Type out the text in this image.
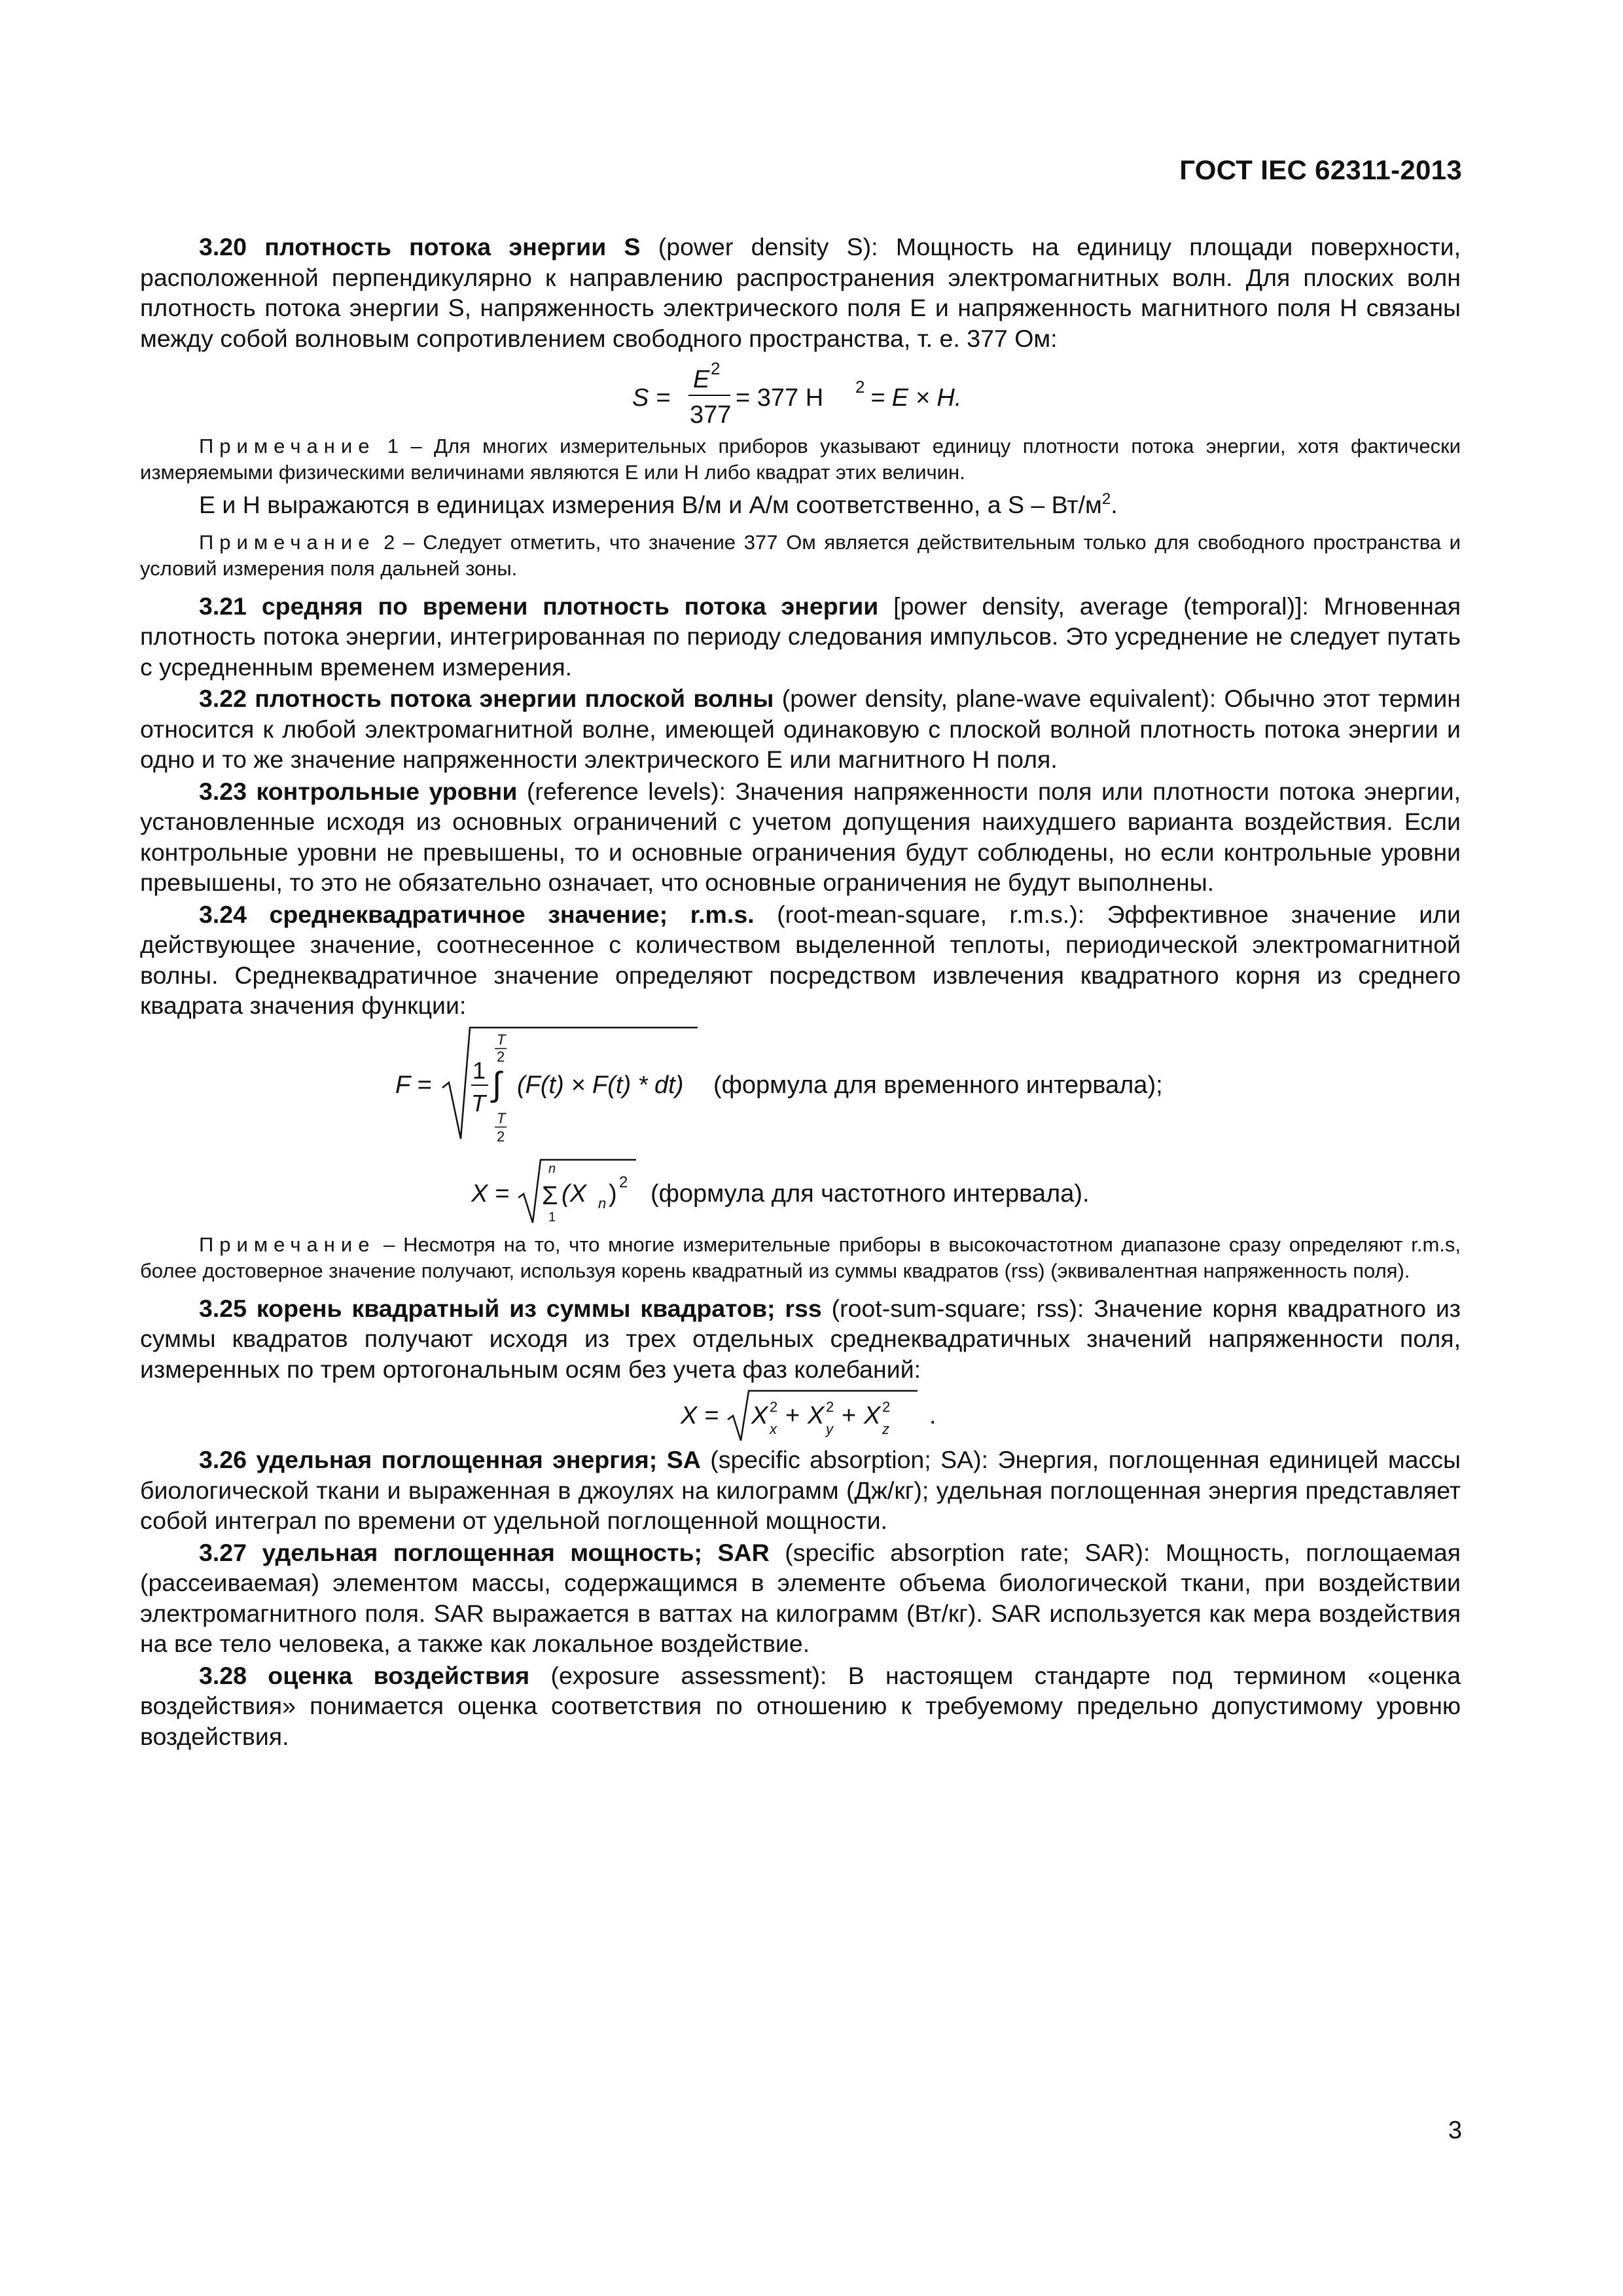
ГОСТ IEC 62311-2013

3.20 плотность потока энергии S (power density S): Мощность на единицу площади поверхности, расположенной перпендикулярно к направлению распространения электромагнитных волн. Для плоских волн плотность потока энергии S, напряженность электрического поля E и напряженность магнитного поля H связаны между собой волновым сопротивлением свободного пространства, т. е. 377 Ом:

S =
E 2
377
= 377 H 2 = E × H.

Примечание 1 – Для многих измерительных приборов указывают единицу плотности потока энергии, хотя фактически измеряемыми физическими величинами являются E или H либо квадрат этих величин.

E и H выражаются в единицах измерения В/м и А/м соответственно, а S – $Вт/м^2$.

Примечание 2 – Следует отметить, что значение 377 Ом является действительным только для свободного пространства и условий измерения поля дальней зоны.

3.21 средняя по времени плотность потока энергии [power density, average (temporal)]: Мгновенная плотность потока энергии, интегрированная по периоду следования импульсов. Это усреднение не следует путать с усредненным временем измерения.

3.22 плотность потока энергии плоской волны (power density, plane-wave equivalent): Обычно этот термин относится к любой электромагнитной волне, имеющей одинаковую с плоской волной плотность потока энергии и одно и то же значение напряженности электрического E или магнитного H поля.

3.23 контрольные уровни (reference levels): Значения напряженности поля или плотности потока энергии, установленные исходя из основных ограничений с учетом допущения наихудшего варианта воздействия. Если контрольные уровни не превышены, то и основные ограничения будут соблюдены, но если контрольные уровни превышены, то это не обязательно означает, что основные ограничения не будут выполнены.

3.24 среднеквадратичное значение; r.m.s. (root-mean-square, r.m.s.): Эффективное значение или действующее значение, соотнесенное с количеством выделенной теплоты, периодической электромагнитной волны. Среднеквадратичное значение определяют посредством извлечения квадратного корня из среднего квадрата значения функции:

F =
1
T
T
2
∫
T
2
(F(t) × F(t) * dt) (формула для временного интервала);
X =
n
Σ
1
(X n ) 2 (формула для частотного интервала).

Примечание – Несмотря на то, что многие измерительные приборы в высокочастотном диапазоне сразу определяют r.m.s, более достоверное значение получают, используя корень квадратный из суммы квадратов (rss) (эквивалентная напряженность поля).

3.25 корень квадратный из суммы квадратов; rss (root-sum-square; rss): Значение корня квадратного из суммы квадратов получают исходя из трех отдельных среднеквадратичных значений напряженности поля, измеренных по трем ортогональным осям без учета фаз колебаний:

X = X 2
x + X 2
y + X 2
z .

3.26 удельная поглощенная энергия; SA (specific absorption; SA): Энергия, поглощенная единицей массы биологической ткани и выраженная в джоулях на килограмм (Дж/кг); удельная поглощенная энергия представляет собой интеграл по времени от удельной поглощенной мощности.

3.27 удельная поглощенная мощность; SAR (specific absorption rate; SAR): Мощность, поглощаемая (рассеиваемая) элементом массы, содержащимся в элементе объема биологической ткани, при воздействии электромагнитного поля. SAR выражается в ваттах на килограмм (Вт/кг). SAR используется как мера воздействия на все тело человека, а также как локальное воздействие.

3.28 оценка воздействия (exposure assessment): В настоящем стандарте под термином «оценка воздействия» понимается оценка соответствия по отношению к требуемому предельно допустимому уровню воздействия.

3
